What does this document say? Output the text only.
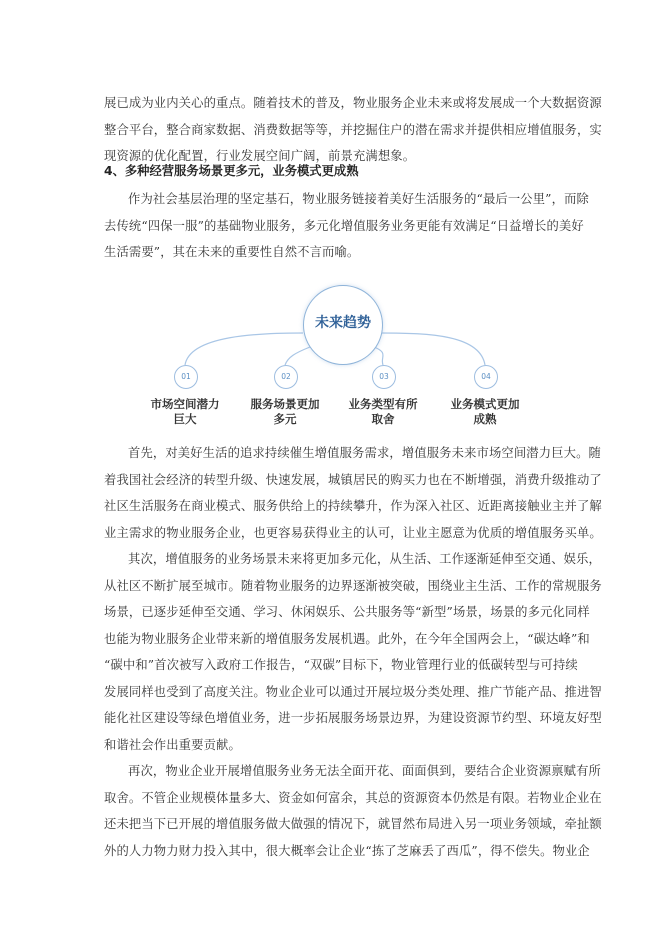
展已成为业内关心的重点。随着技术的普及，物业服务企业未来或将发展成一个大数据资源
整合平台，整合商家数据、消费数据等等，并挖掘住户的潜在需求并提供相应增值服务，实
现资源的优化配置，行业发展空间广阔，前景充满想象。

4、多种经营服务场景更多元，业务模式更成熟

作为社会基层治理的坚定基石，物业服务链接着美好生活服务的“最后一公里”，而除
去传统“四保一服”的基础物业服务，多元化增值服务业务更能有效满足“日益增长的美好
生活需要”，其在未来的重要性自然不言而喻。

未来趋势
01	02	03	04
市场空间潜力
巨大
服务场景更加
多元
业务类型有所
取舍
业务模式更加
成熟

首先，对美好生活的追求持续催生增值服务需求，增值服务未来市场空间潜力巨大。随
着我国社会经济的转型升级、快速发展，城镇居民的购买力也在不断增强，消费升级推动了
社区生活服务在商业模式、服务供给上的持续攀升，作为深入社区、近距离接触业主并了解
业主需求的物业服务企业，也更容易获得业主的认可，让业主愿意为优质的增值服务买单。

其次，增值服务的业务场景未来将更加多元化，从生活、工作逐渐延伸至交通、娱乐，
从社区不断扩展至城市。随着物业服务的边界逐渐被突破，围绕业主生活、工作的常规服务
场景，已逐步延伸至交通、学习、休闲娱乐、公共服务等“新型”场景，场景的多元化同样
也能为物业服务企业带来新的增值服务发展机遇。此外，在今年全国两会上，“碳达峰”和
“碳中和”首次被写入政府工作报告，“双碳”目标下，物业管理行业的低碳转型与可持续
发展同样也受到了高度关注。物业企业可以通过开展垃圾分类处理、推广节能产品、推进智
能化社区建设等绿色增值业务，进一步拓展服务场景边界，为建设资源节约型、环境友好型
和谐社会作出重要贡献。

再次，物业企业开展增值服务业务无法全面开花、面面俱到，要结合企业资源禀赋有所
取舍。不管企业规模体量多大、资金如何富余，其总的资源资本仍然是有限。若物业企业在
还未把当下已开展的增值服务做大做强的情况下，就冒然布局进入另一项业务领域，牵扯额
外的人力物力财力投入其中，很大概率会让企业“拣了芝麻丢了西瓜”，得不偿失。物业企
